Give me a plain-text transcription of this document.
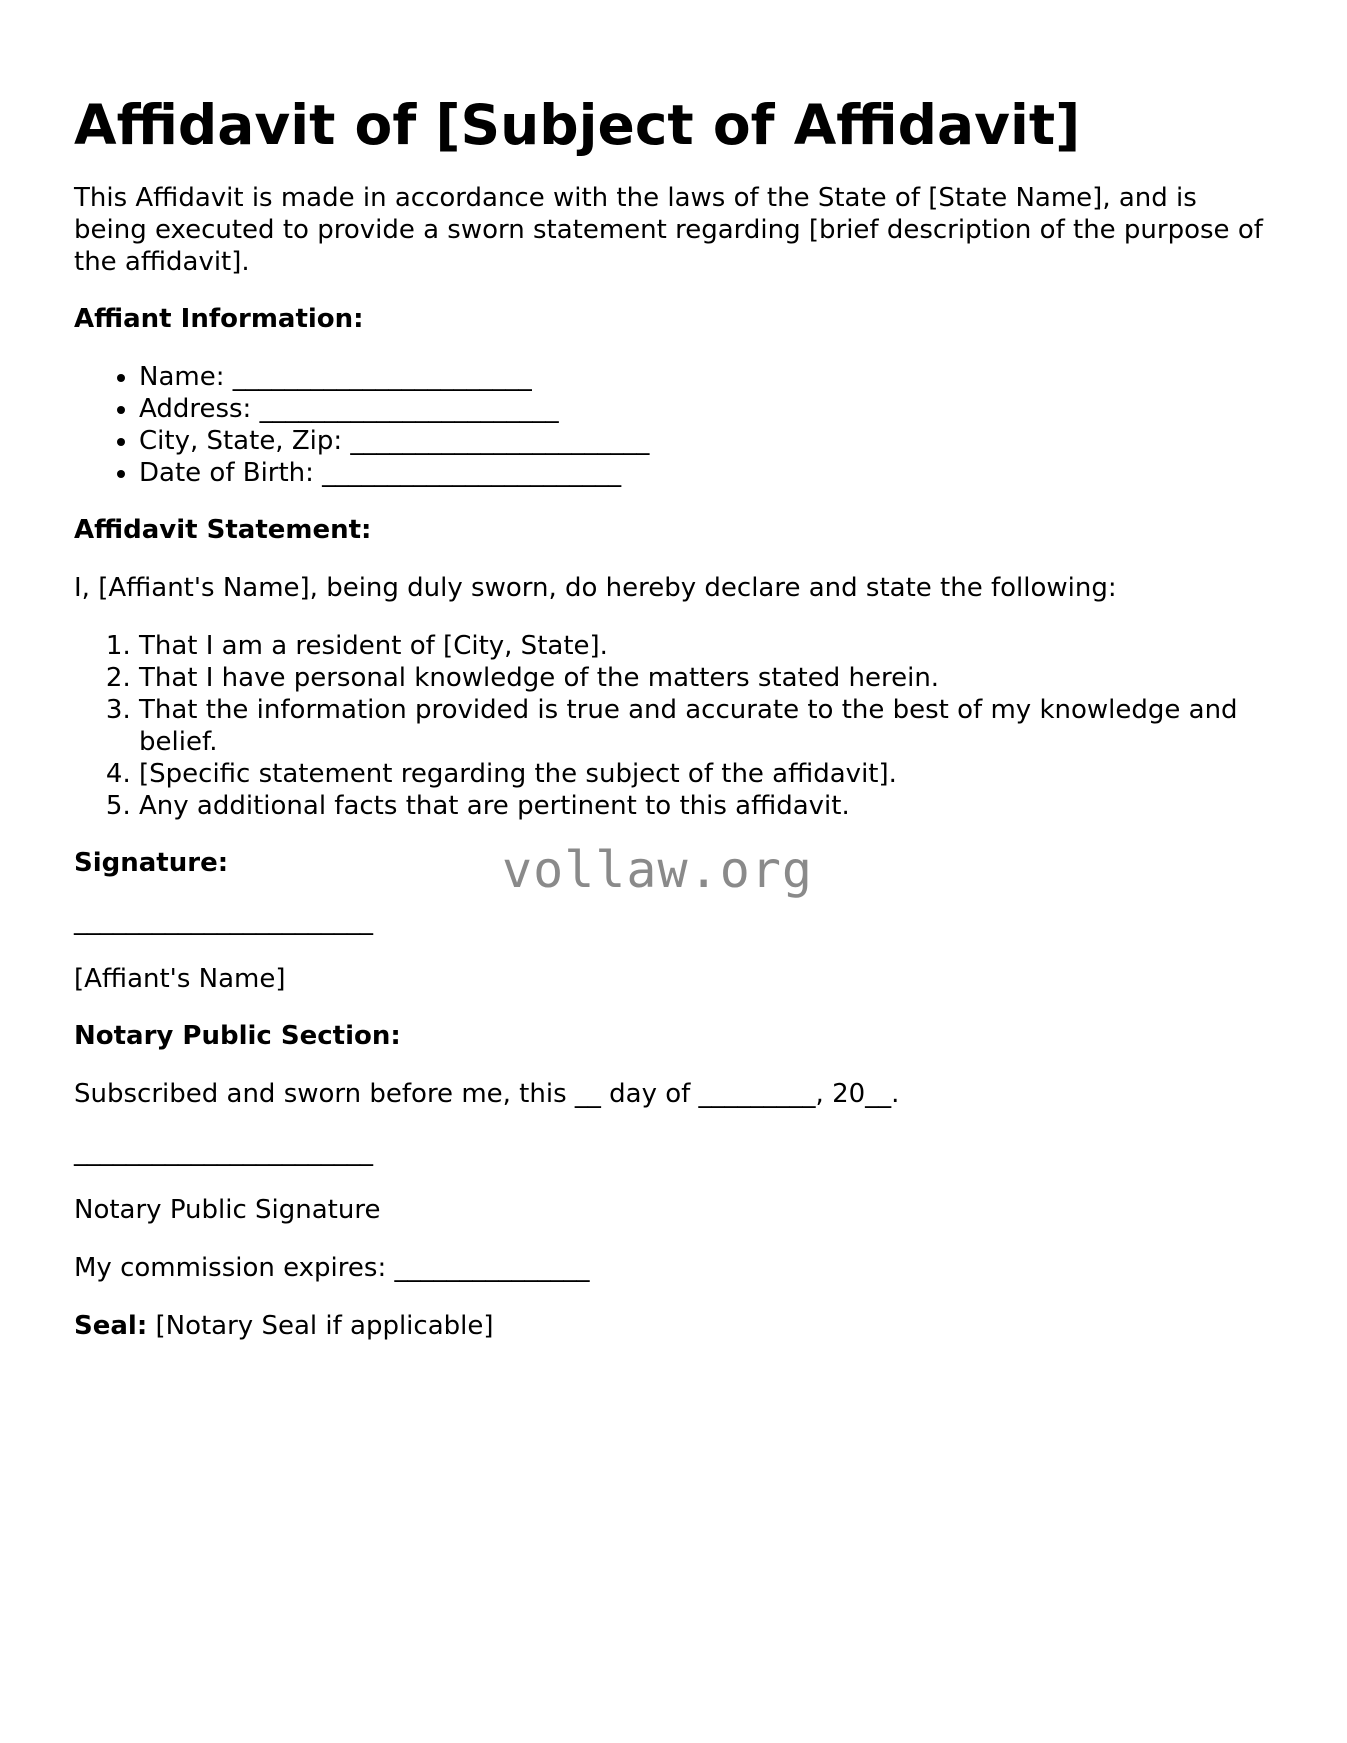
Affidavit of [Subject of Affidavit]

This Affidavit is made in accordance with the laws of the State of [State Name], and is being executed to provide a sworn statement regarding [brief description of the purpose of the affidavit].

Affiant Information:

• Name: _______________________
• Address: _______________________
• City, State, Zip: _______________________
• Date of Birth: _______________________

Affidavit Statement:

I, [Affiant's Name], being duly sworn, do hereby declare and state the following:

1. That I am a resident of [City, State].
2. That I have personal knowledge of the matters stated herein.
3. That the information provided is true and accurate to the best of my knowledge and belief.
4. [Specific statement regarding the subject of the affidavit].
5. Any additional facts that are pertinent to this affidavit.

Signature:

_______________________

[Affiant's Name]

Notary Public Section:

Subscribed and sworn before me, this __ day of _________, 20__.

_______________________

Notary Public Signature

My commission expires: _______________

Seal: [Notary Seal if applicable]

vollaw.org
